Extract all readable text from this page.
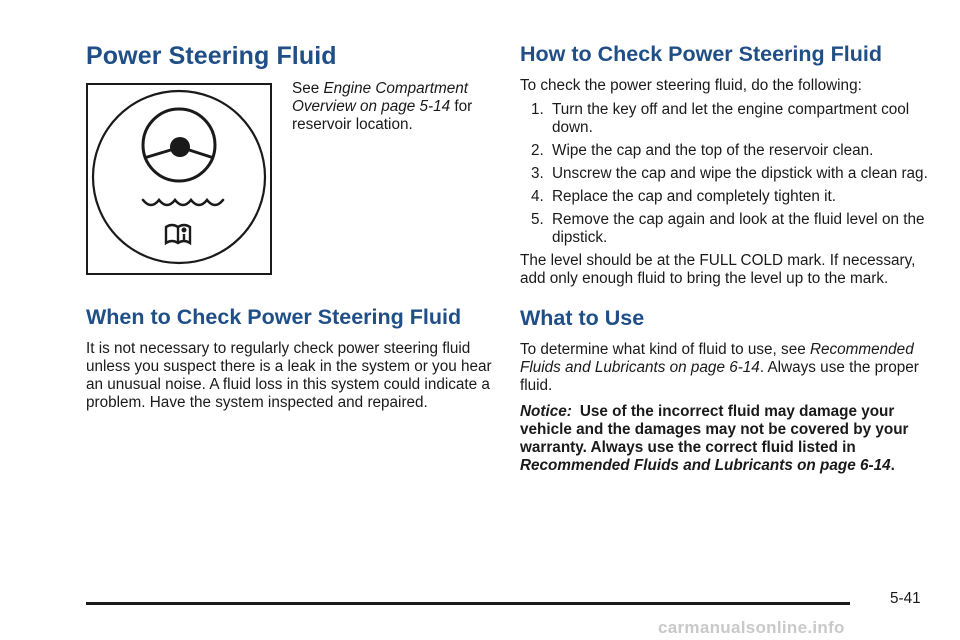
Power Steering Fluid
See Engine Compartment Overview on page 5-14 for reservoir location.
When to Check Power Steering Fluid

It is not necessary to regularly check power steering fluid unless you suspect there is a leak in the system or you hear an unusual noise. A fluid loss in this system could indicate a problem. Have the system inspected and repaired.

How to Check Power Steering Fluid

To check the power steering fluid, do the following:

1. Turn the key off and let the engine compartment cool down.
2. Wipe the cap and the top of the reservoir clean.
3. Unscrew the cap and wipe the dipstick with a clean rag.
4. Replace the cap and completely tighten it.
5. Remove the cap again and look at the fluid level on the dipstick.

The level should be at the FULL COLD mark. If necessary, add only enough fluid to bring the level up to the mark.

What to Use

To determine what kind of fluid to use, see Recommended Fluids and Lubricants on page 6-14. Always use the proper fluid.

Notice: Use of the incorrect fluid may damage your vehicle and the damages may not be covered by your warranty. Always use the correct fluid listed in Recommended Fluids and Lubricants on page 6-14.

5-41
carmanualsonline.info
